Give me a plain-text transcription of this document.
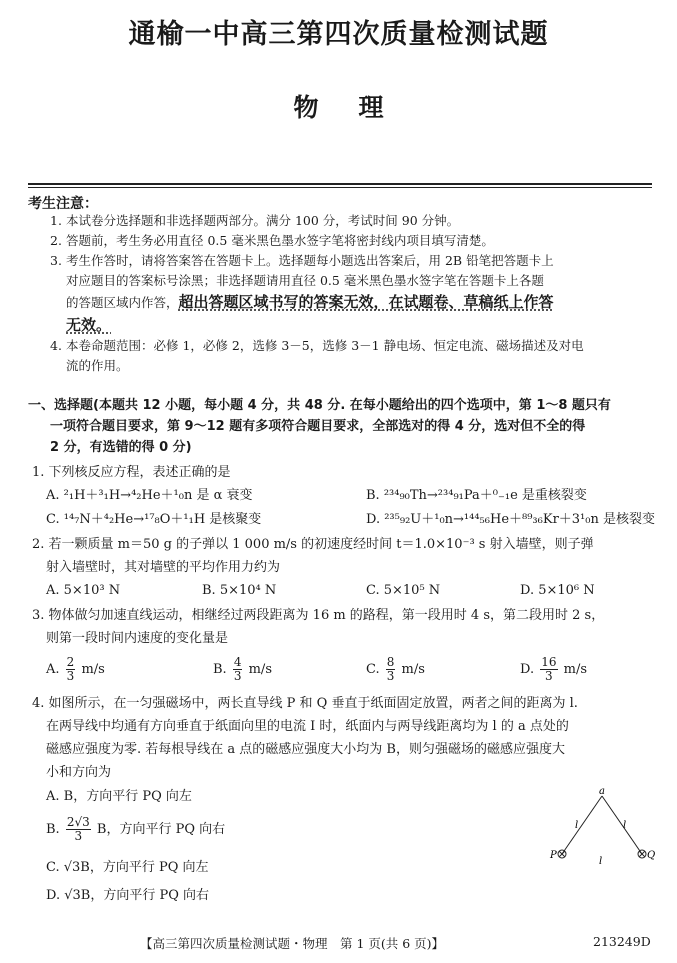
通榆一中高三第四次质量检测试题
物理
考生注意：
1. 本试卷分选择题和非选择题两部分。满分 100 分，考试时间 90 分钟。
2. 答题前，考生务必用直径 0.5 毫米黑色墨水签字笔将密封线内项目填写清楚。
3. 考生作答时，请将答案答在答题卡上。选择题每小题选出答案后，用 2B 铅笔把答题卡上
对应题目的答案标号涂黑；非选择题请用直径 0.5 毫米黑色墨水签字笔在答题卡上各题
的答题区域内作答，超出答题区域书写的答案无效，在试题卷、草稿纸上作答
无效。
4. 本卷命题范围：必修 1，必修 2，选修 3－5，选修 3－1 静电场、恒定电流、磁场描述及对电
流的作用。
一、选择题(本题共 12 小题，每小题 4 分，共 48 分. 在每小题给出的四个选项中，第 1～8 题只有
一项符合题目要求，第 9～12 题有多项符合题目要求，全部选对的得 4 分，选对但不全的得
2 分，有选错的得 0 分)
1. 下列核反应方程，表述正确的是
A. ²₁H＋³₁H→⁴₂He＋¹₀n 是 α 衰变	B. ²³⁴₉₀Th→²³⁴₉₁Pa＋⁰₋₁e 是重核裂变
C. ¹⁴₇N＋⁴₂He→¹⁷₈O＋¹₁H 是核聚变	D. ²³⁵₉₂U＋¹₀n→¹⁴⁴₅₆He＋⁸⁹₃₆Kr＋3¹₀n 是核裂变
2. 若一颗质量 m＝50 g 的子弹以 1 000 m/s 的初速度经时间 t＝1.0×10⁻³ s 射入墙壁，则子弹
射入墙壁时，其对墙壁的平均作用力约为
A. 5×10³ N	B. 5×10⁴ N	C. 5×10⁵ N	D. 5×10⁶ N
3. 物体做匀加速直线运动，相继经过两段距离为 16 m 的路程，第一段用时 4 s，第二段用时 2 s，
则第一段时间内速度的变化量是
A. $\frac{2}{3} m/s$	B. $\frac{4}{3} m/s$	C. $\frac{8}{3} m/s$	D. $\frac{16}{3} m/s$
4. 如图所示，在一匀强磁场中，两长直导线 P 和 Q 垂直于纸面固定放置，两者之间的距离为 l.
在两导线中均通有方向垂直于纸面向里的电流 I 时，纸面内与两导线距离均为 l 的 a 点处的
磁感应强度为零. 若每根导线在 a 点的磁感应强度大小均为 B，则匀强磁场的磁感应强度大
小和方向为
A. B，方向平行 PQ 向左
B. $\frac{2√3}{3}$ B，方向平行 PQ 向右
C. √3B，方向平行 PQ 向左
D. √3B，方向平行 PQ 向右
a
l	l
l
P	Q
【高三第四次质量检测试题・物理　第 1 页(共 6 页)】	213249D
